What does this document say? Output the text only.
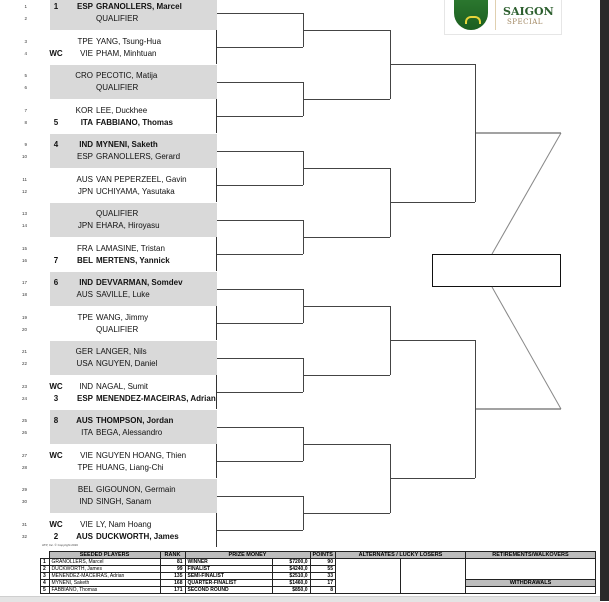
SAIGON
SPECIAL
1	1	ESP GRANOLLERS, Marcel
2	QUALIFIER
3	TPE YANG, Tsung-Hua
4	WC	VIE PHAM, Minhtuan
5	CRO PECOTIC, Matija
6	QUALIFIER
7	KOR LEE, Duckhee
8	5	ITA FABBIANO, Thomas
9	4	IND MYNENI, Saketh
10	ESP GRANOLLERS, Gerard
11	AUS VAN PEPERZEEL, Gavin
12	JPN UCHIYAMA, Yasutaka
13	QUALIFIER
14	JPN EHARA, Hiroyasu
15	FRA LAMASINE, Tristan
16	7	BEL MERTENS, Yannick
17	6	IND DEVVARMAN, Somdev
18	AUS SAVILLE, Luke
19	TPE WANG, Jimmy
20	QUALIFIER
21	GER LANGER, Nils
22	USA NGUYEN, Daniel
23	WC	IND NAGAL, Sumit
24	3	ESP MENENDEZ-MACEIRAS, Adrian
25	8	AUS THOMPSON, Jordan
26	ITA BEGA, Alessandro
27	WC	VIE NGUYEN HOANG, Thien
28	TPE HUANG, Liang-Chi
29	BEL GIGOUNON, Germain
30	IND SINGH, Sanam
31	WC	VIE LY, Nam Hoang
32	2	AUS DUCKWORTH, James
ATP, Inc. © Copyright 2016
	SEEDED PLAYERS	RANK	PRIZE MONEY		POINTS	ALTERNATES / LUCKY LOSERS		RETIREMENTS/WALKOVERS
1	GRANOLLERS, Marcel	81	WINNER	$7200,0	90			
2	DUCKWORTH, James	99	FINALIST	$4240,0	55			
3	MENENDEZ-MACEIRAS, Adrian	135	SEMI-FINALIST	$2510,0	33			
4	MYNENI, Saketh	168	QUARTER-FINALIST	$1460,0	17			WITHDRAWALS
5	FABBIANO, Thomas	171	SECOND ROUND	$850,0	8			
